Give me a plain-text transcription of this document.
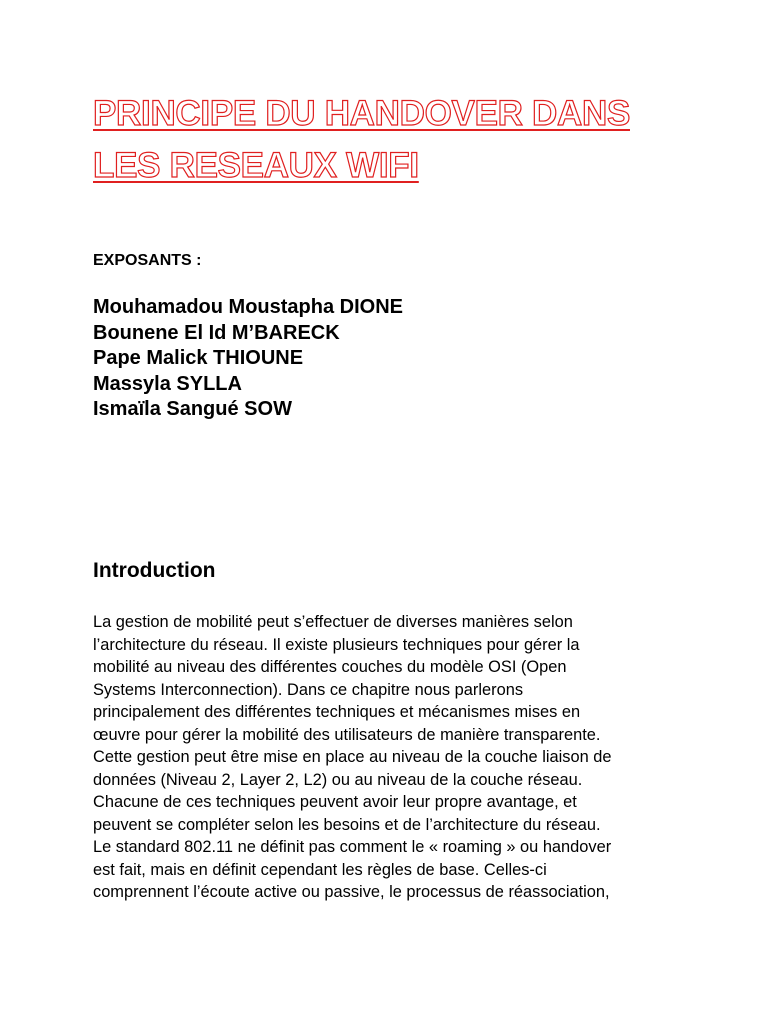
PRINCIPE DU HANDOVER DANS
LES RESEAUX WIFI

EXPOSANTS :

Mouhamadou Moustapha DIONE
Bounene El Id M’BARECK
Pape Malick THIOUNE
Massyla SYLLA
Ismaïla Sangué SOW
Introduction

La gestion de mobilité peut s’effectuer de diverses manières selon
l’architecture du réseau. Il existe plusieurs techniques pour gérer la
mobilité au niveau des différentes couches du modèle OSI (Open
Systems Interconnection). Dans ce chapitre nous parlerons
principalement des différentes techniques et mécanismes mises en
œuvre pour gérer la mobilité des utilisateurs de manière transparente.
Cette gestion peut être mise en place au niveau de la couche liaison de
données (Niveau 2, Layer 2, L2) ou au niveau de la couche réseau.
Chacune de ces techniques peuvent avoir leur propre avantage, et
peuvent se compléter selon les besoins et de l’architecture du réseau.
Le standard 802.11 ne définit pas comment le « roaming » ou handover
est fait, mais en définit cependant les règles de base. Celles-ci
comprennent l’écoute active ou passive, le processus de réassociation,
